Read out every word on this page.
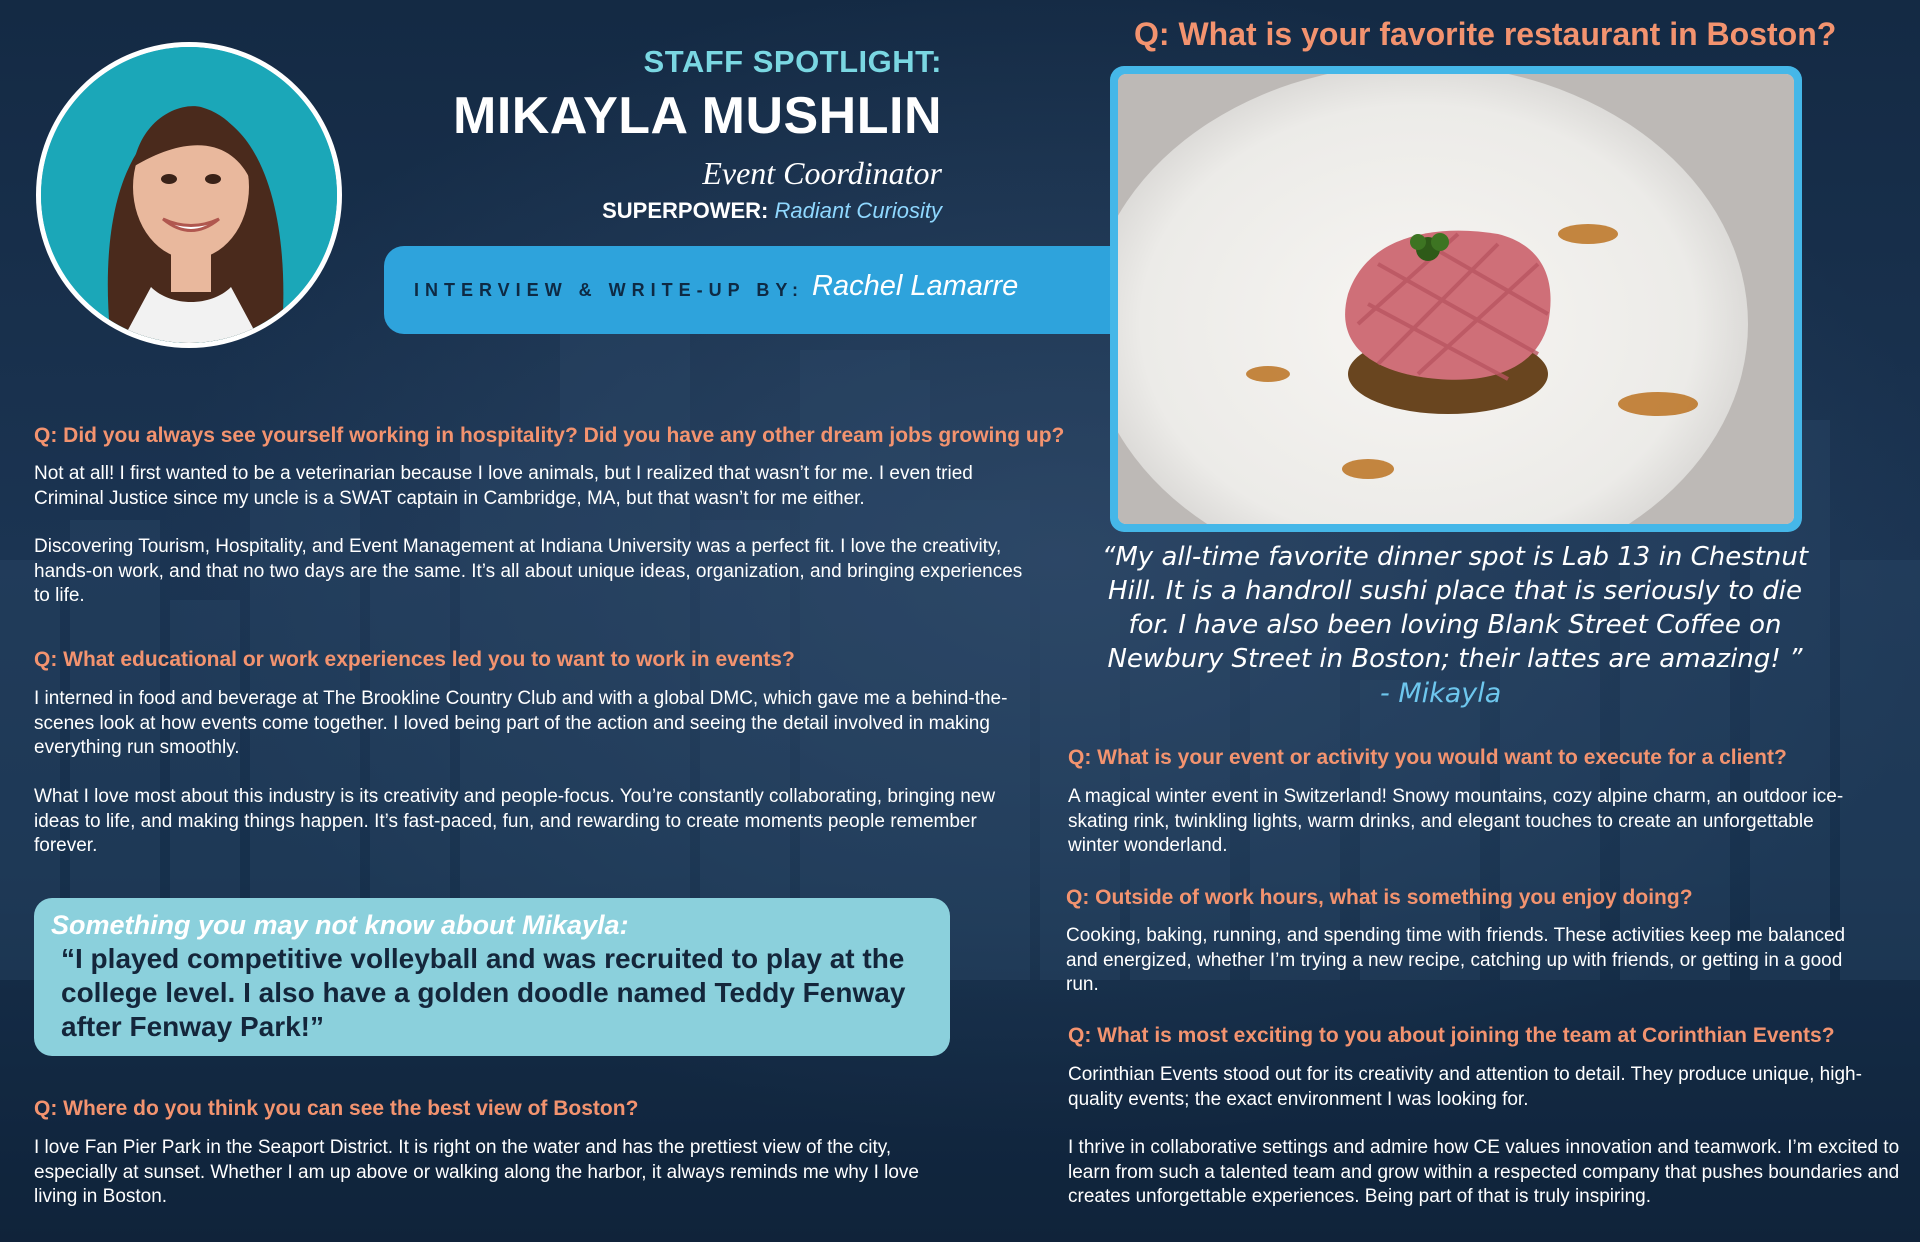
STAFF SPOTLIGHT:
MIKAYLA MUSHLIN
Event Coordinator
SUPERPOWER: Radiant Curiosity
INTERVIEW & WRITE-UP BY: Rachel Lamarre
Q: What is your favorite restaurant in Boston?
“My all-time favorite dinner spot is Lab 13 in Chestnut Hill. It is a handroll sushi place that is seriously to die for. I have also been loving Blank Street Coffee on Newbury Street in Boston; their lattes are amazing! ”
- Mikayla
Q: Did you always see yourself working in hospitality? Did you have any other dream jobs growing up?
Not at all! I first wanted to be a veterinarian because I love animals, but I realized that wasn’t for me. I even tried Criminal Justice since my uncle is a SWAT captain in Cambridge, MA, but that wasn’t for me either.
Discovering Tourism, Hospitality, and Event Management at Indiana University was a perfect fit. I love the creativity, hands-on work, and that no two days are the same. It’s all about unique ideas, organization, and bringing experiences to life.
Q: What educational or work experiences led you to want to work in events?
I interned in food and beverage at The Brookline Country Club and with a global DMC, which gave me a behind-the-scenes look at how events come together. I loved being part of the action and seeing the detail involved in making everything run smoothly.
What I love most about this industry is its creativity and people-focus. You’re constantly collaborating, bringing new ideas to life, and making things happen. It’s fast-paced, fun, and rewarding to create moments people remember forever.
Something you may not know about Mikayla:
“I played competitive volleyball and was recruited to play at the college level. I also have a golden doodle named Teddy Fenway after Fenway Park!”
Q: Where do you think you can see the best view of Boston?
I love Fan Pier Park in the Seaport District. It is right on the water and has the prettiest view of the city, especially at sunset. Whether I am up above or walking along the harbor, it always reminds me why I love living in Boston.
Q: What is your event or activity you would want to execute for a client?
A magical winter event in Switzerland! Snowy mountains, cozy alpine charm, an outdoor ice-skating rink, twinkling lights, warm drinks, and elegant touches to create an unforgettable winter wonderland.
Q: Outside of work hours, what is something you enjoy doing?
Cooking, baking, running, and spending time with friends. These activities keep me balanced and energized, whether I’m trying a new recipe, catching up with friends, or getting in a good run.
Q: What is most exciting to you about joining the team at Corinthian Events?
Corinthian Events stood out for its creativity and attention to detail. They produce unique, high-quality events; the exact environment I was looking for.
I thrive in collaborative settings and admire how CE values innovation and teamwork. I’m excited to learn from such a talented team and grow within a respected company that pushes boundaries and creates unforgettable experiences. Being part of that is truly inspiring.
